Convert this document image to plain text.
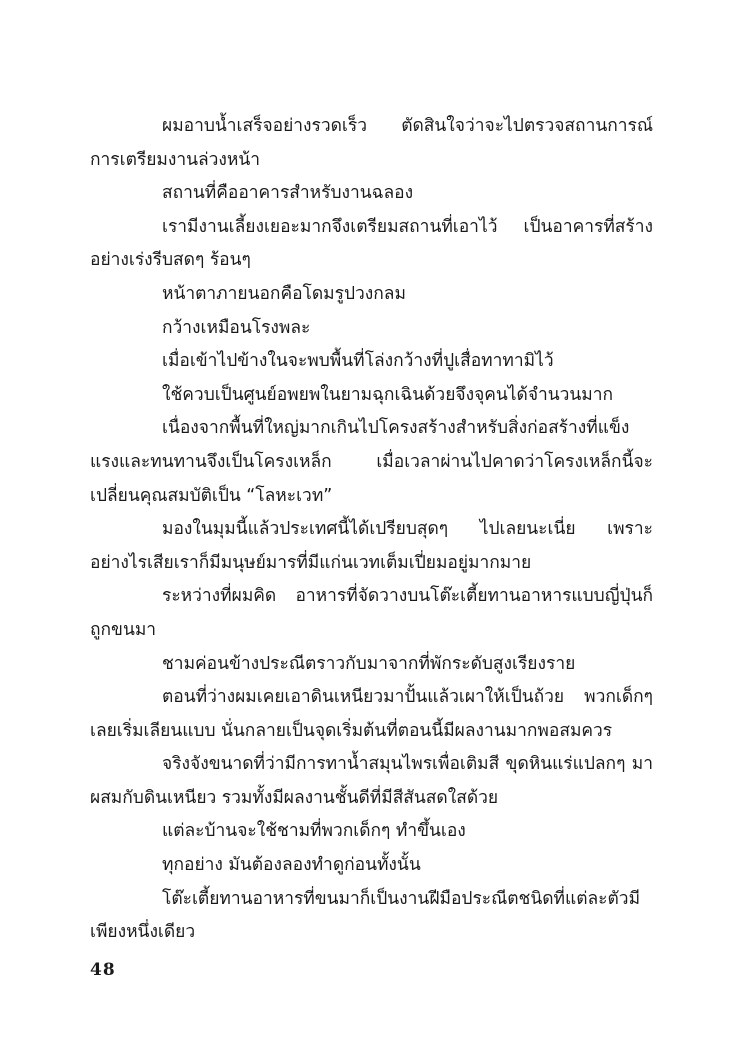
ผมอาบน้ำเสร็จอย่างรวดเร็ว ตัดสินใจว่าจะไปตรวจสถานการณ์การเตรียมงานล่วงหน้า

สถานที่คืออาคารสำหรับงานฉลอง

เรามีงานเลี้ยงเยอะมากจึงเตรียมสถานที่เอาไว้ เป็นอาคารที่สร้างอย่างเร่งรีบสดๆ ร้อนๆ

หน้าตาภายนอกคือโดมรูปวงกลม

กว้างเหมือนโรงพละ

เมื่อเข้าไปข้างในจะพบพื้นที่โล่งกว้างที่ปูเสื่อทาทามิไว้

ใช้ควบเป็นศูนย์อพยพในยามฉุกเฉินด้วยจึงจุคนได้จำนวนมาก

เนื่องจากพื้นที่ใหญ่มากเกินไปโครงสร้างสำหรับสิ่งก่อสร้างที่แข็งแรงและทนทานจึงเป็นโครงเหล็ก เมื่อเวลาผ่านไปคาดว่าโครงเหล็กนี้จะเปลี่ยนคุณสมบัติเป็น “โลหะเวท”

มองในมุมนี้แล้วประเทศนี้ได้เปรียบสุดๆ ไปเลยนะเนี่ย เพราะอย่างไรเสียเราก็มีมนุษย์มารที่มีแก่นเวทเต็มเปี่ยมอยู่มากมาย

ระหว่างที่ผมคิด อาหารที่จัดวางบนโต๊ะเตี้ยทานอาหารแบบญี่ปุ่นก็ถูกขนมา

ชามค่อนข้างประณีตราวกับมาจากที่พักระดับสูงเรียงราย

ตอนที่ว่างผมเคยเอาดินเหนียวมาปั้นแล้วเผาให้เป็นถ้วย พวกเด็กๆ เลยเริ่มเลียนแบบ นั่นกลายเป็นจุดเริ่มต้นที่ตอนนี้มีผลงานมากพอสมควร

จริงจังขนาดที่ว่ามีการทาน้ำสมุนไพรเพื่อเติมสี ขุดหินแร่แปลกๆ มาผสมกับดินเหนียว รวมทั้งมีผลงานชั้นดีที่มีสีสันสดใสด้วย

แต่ละบ้านจะใช้ชามที่พวกเด็กๆ ทำขึ้นเอง

ทุกอย่าง มันต้องลองทำดูก่อนทั้งนั้น

โต๊ะเตี้ยทานอาหารที่ขนมาก็เป็นงานฝีมือประณีตชนิดที่แต่ละตัวมีเพียงหนึ่งเดียว

48
